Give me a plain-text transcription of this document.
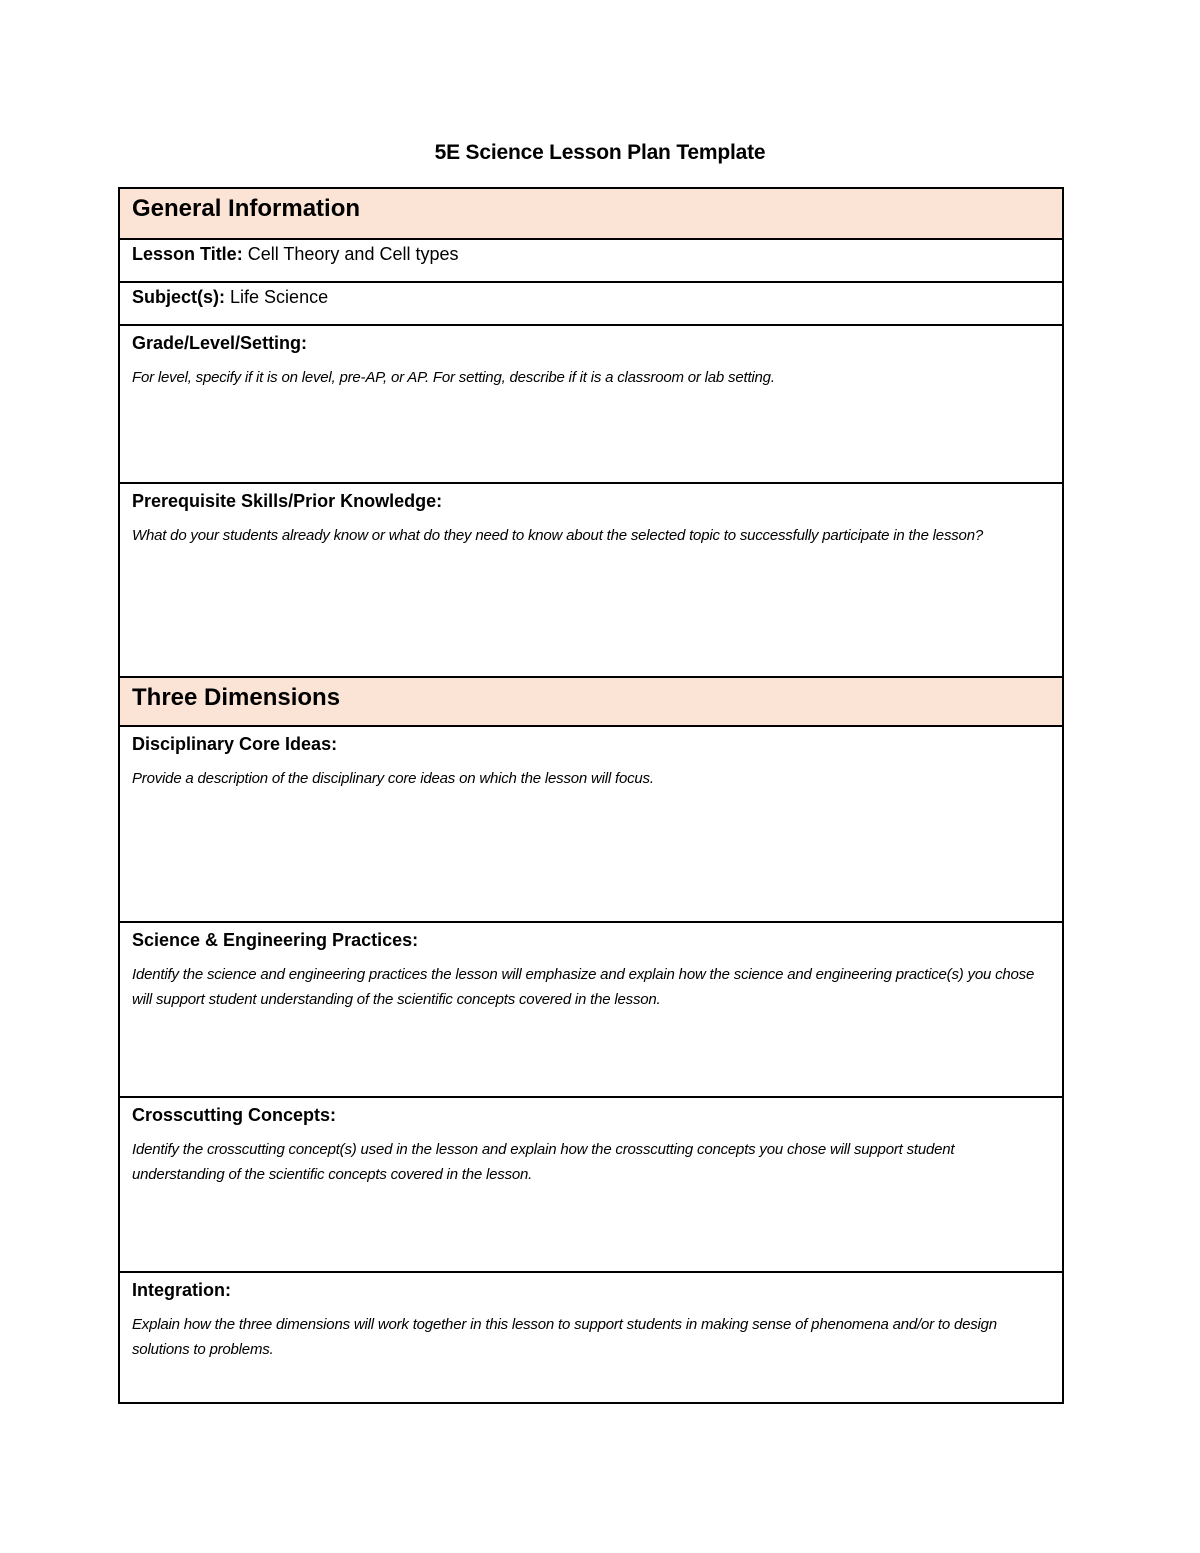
5E Science Lesson Plan Template
General Information
Lesson Title: Cell Theory and Cell types
Subject(s): Life Science
Grade/Level/Setting:
For level, specify if it is on level, pre-AP, or AP. For setting, describe if it is a classroom or lab setting.
Prerequisite Skills/Prior Knowledge:
What do your students already know or what do they need to know about the selected topic to successfully participate in the lesson?
Three Dimensions
Disciplinary Core Ideas:
Provide a description of the disciplinary core ideas on which the lesson will focus.
Science & Engineering Practices:
Identify the science and engineering practices the lesson will emphasize and explain how the science and engineering practice(s) you chose will support student understanding of the scientific concepts covered in the lesson.
Crosscutting Concepts:
Identify the crosscutting concept(s) used in the lesson and explain how the crosscutting concepts you chose will support student understanding of the scientific concepts covered in the lesson.
Integration:
Explain how the three dimensions will work together in this lesson to support students in making sense of phenomena and/or to design solutions to problems.
